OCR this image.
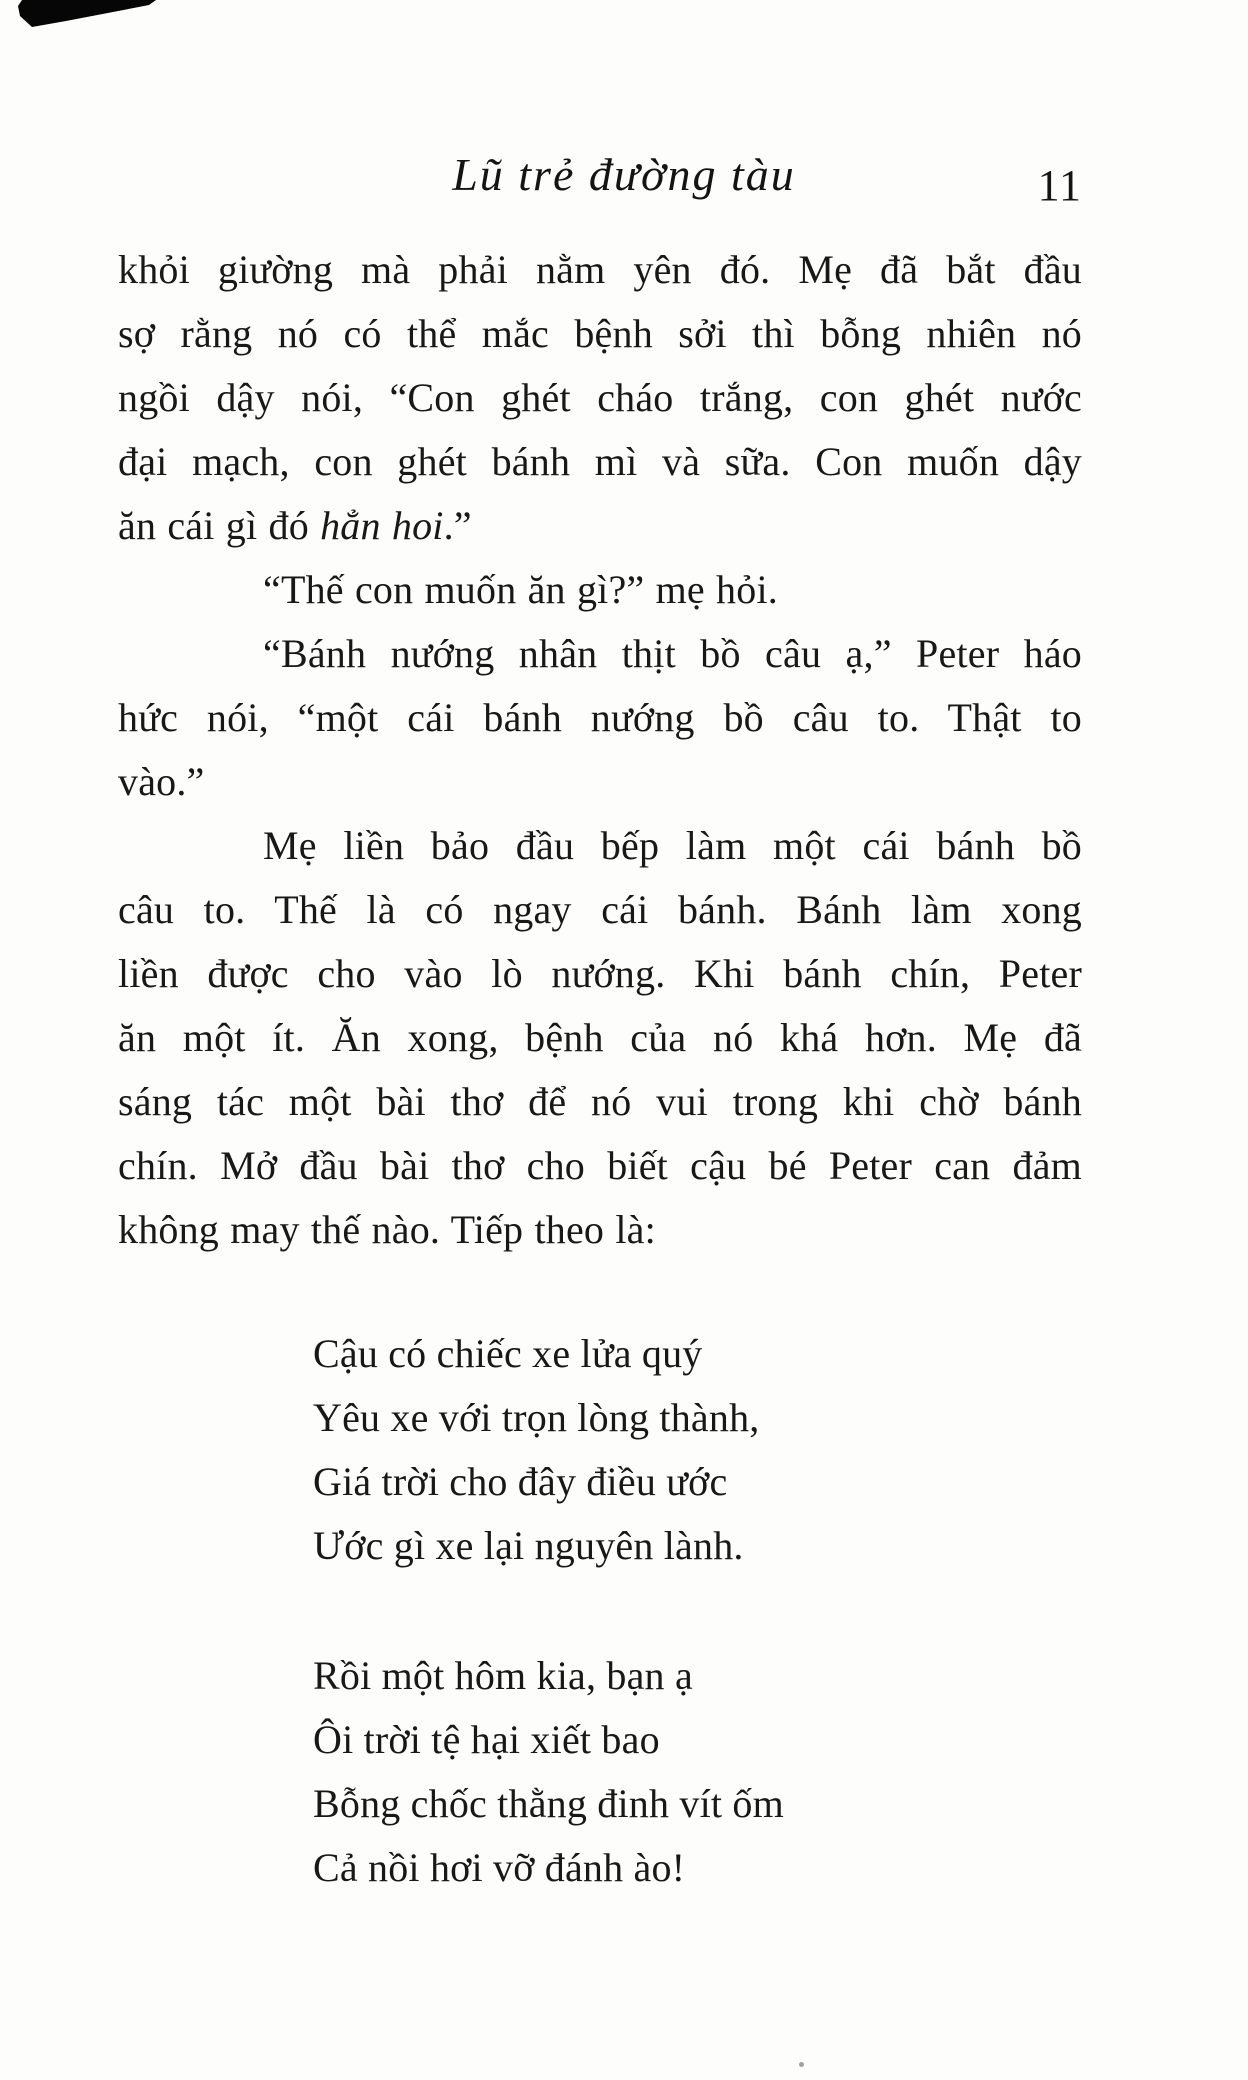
Lũ trẻ đường tàu	11
khỏi giường mà phải nằm yên đó. Mẹ đã bắt đầu
sợ rằng nó có thể mắc bệnh sởi thì bỗng nhiên nó
ngồi dậy nói, “Con ghét cháo trắng, con ghét nước
đại mạch, con ghét bánh mì và sữa. Con muốn dậy
ăn cái gì đó hẳn hoi.”
“Thế con muốn ăn gì?” mẹ hỏi.
“Bánh nướng nhân thịt bồ câu ạ,” Peter háo
hức nói, “một cái bánh nướng bồ câu to. Thật to
vào.”
Mẹ liền bảo đầu bếp làm một cái bánh bồ
câu to. Thế là có ngay cái bánh. Bánh làm xong
liền được cho vào lò nướng. Khi bánh chín, Peter
ăn một ít. Ăn xong, bệnh của nó khá hơn. Mẹ đã
sáng tác một bài thơ để nó vui trong khi chờ bánh
chín. Mở đầu bài thơ cho biết cậu bé Peter can đảm
không may thế nào. Tiếp theo là:
Cậu có chiếc xe lửa quý
Yêu xe với trọn lòng thành,
Giá trời cho đây điều ước
Ước gì xe lại nguyên lành.
Rồi một hôm kia, bạn ạ
Ôi trời tệ hại xiết bao
Bỗng chốc thằng đinh vít ốm
Cả nồi hơi vỡ đánh ào!
